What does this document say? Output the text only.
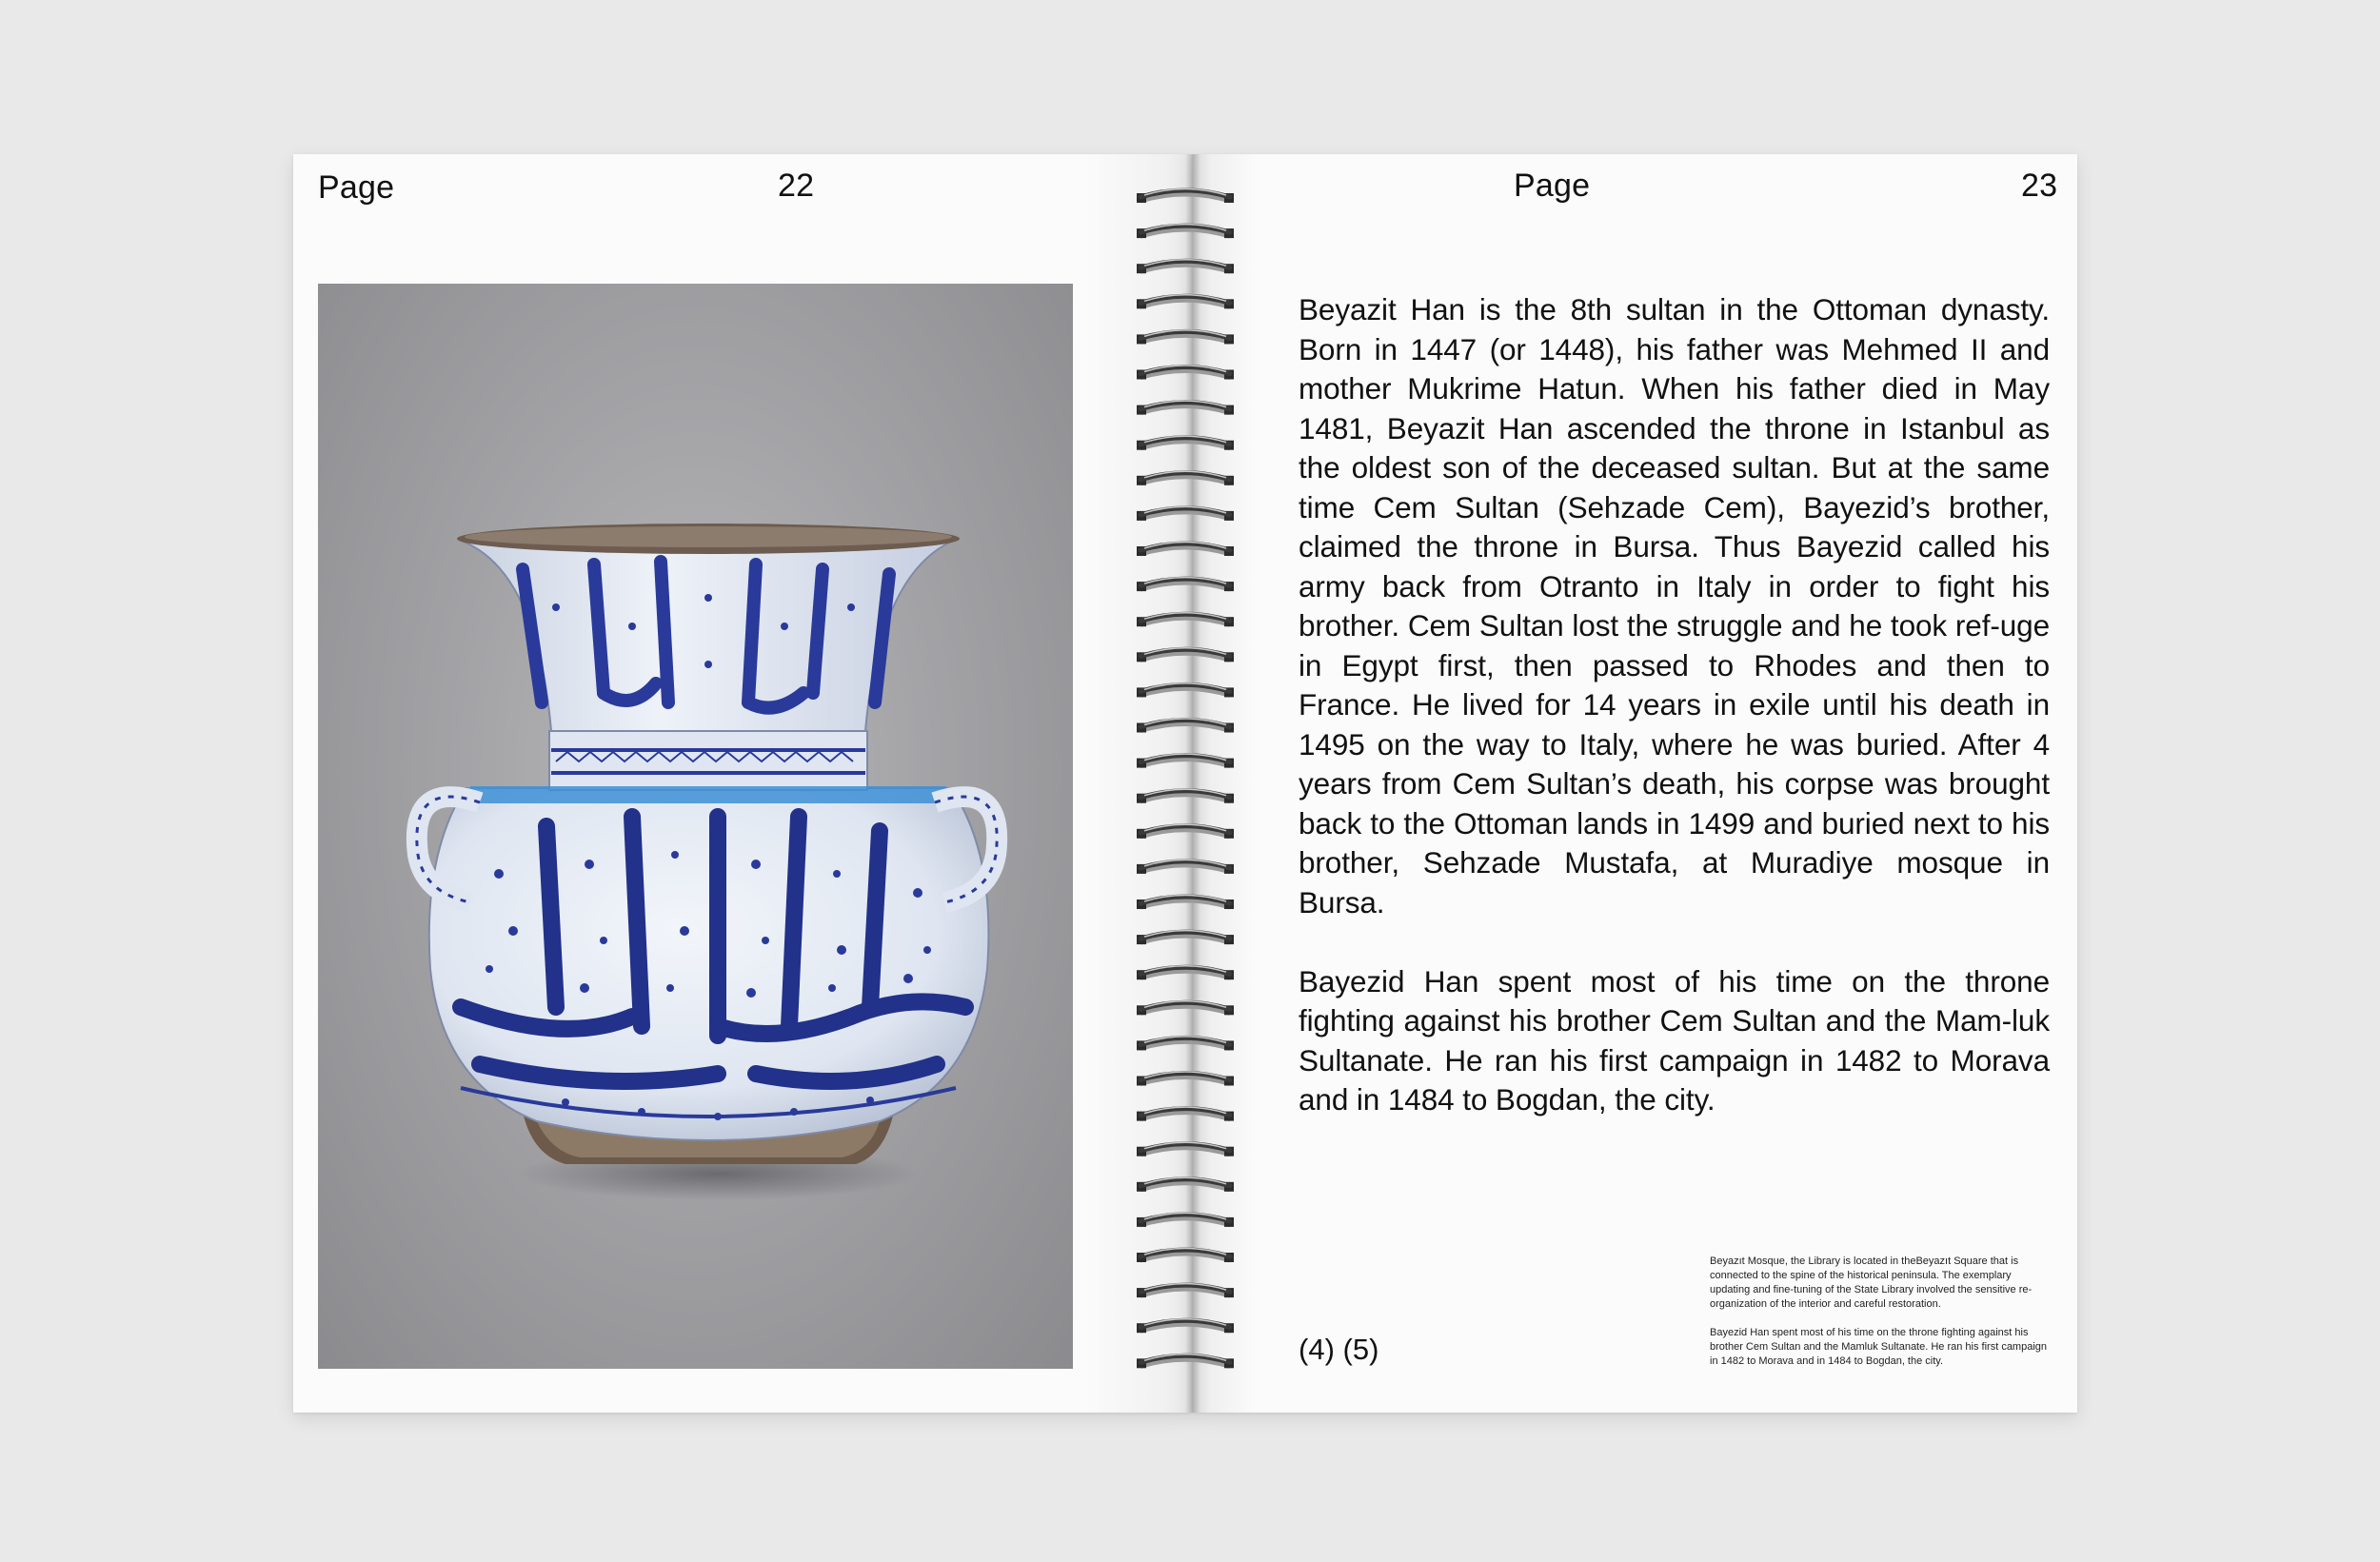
Page	22	Page	23

Beyazit Han is the 8th sultan in the Ottoman dynasty. Born in 1447 (or 1448), his father was Mehmed II and mother Mukrime Hatun. When his father died in May 1481, Beyazit Han ascended the throne in Istanbul as the oldest son of the deceased sultan. But at the same time Cem Sultan (Sehzade Cem), Bayezid’s brother, claimed the throne in Bursa. Thus Bayezid called his army back from Otranto in Italy in order to fight his brother. Cem Sultan lost the struggle and he took ref-uge in Egypt first, then passed to Rhodes and then to France. He lived for 14 years in exile until his death in 1495 on the way to Italy, where he was buried. After 4 years from Cem Sultan’s death, his corpse was brought back to the Ottoman lands in 1499 and buried next to his brother, Sehzade Mustafa, at Muradiye mosque in Bursa.

Bayezid Han spent most of his time on the throne fighting against his brother Cem Sultan and the Mam-luk Sultanate. He ran his first campaign in 1482 to Morava and in 1484 to Bogdan, the city.

(4) (5)

Beyazıt Mosque, the Library is located in theBeyazıt Square that is connected to the spine of the historical peninsula. The exemplary updating and fine-tuning of the State Library involved the sensitive re-organization of the interior and careful restoration.

Bayezid Han spent most of his time on the throne fighting against his brother Cem Sultan and the Mamluk Sultanate. He ran his first campaign in 1482 to Morava and in 1484 to Bogdan, the city.
